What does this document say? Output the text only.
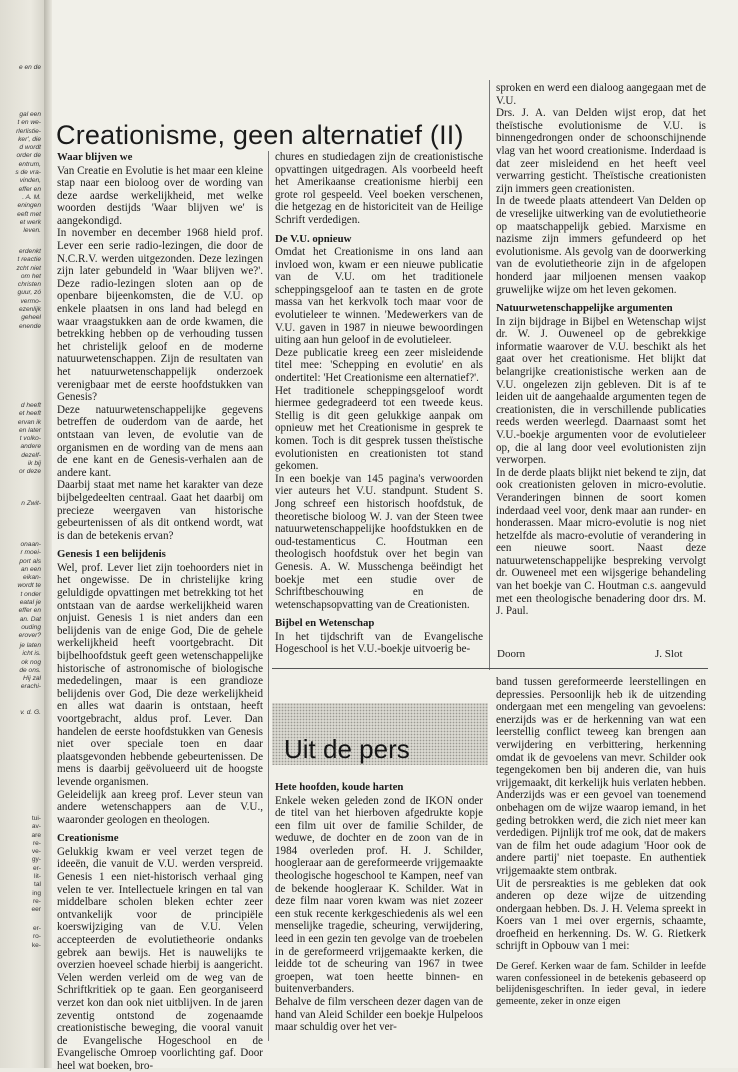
e en de
gal een
t en we-
rlerlistie-
ker', die
d wordt
order de
entrum,
s de vra-
vinden,
effer en
. A. M.
eningen
eeft met
et werk
leven.
erdenkt
t reactie
zcht niet
om het
christen
guur, zó
vermo-
ezenlijk
geheel
enende
d heeft
et heeft
ervan ik
en later
t volko-
andere
dezelf-
ik bij
or deze
n Zwit-
onaan-
r moei-
port als
an een
eikan-
wordt te
t onder
eatal je
effer en
an. Dat
ouding
erover?
je laten
icht is.
ok nog
de ons.
Hij zal
erachi-
v. d. G.
tui-
av-
are
re-
ve-
gy-
er-
lit-
tal
ing
re-
eer
er-
ro-
ke-
Creationisme, geen alternatief (II)
Waar blijven we

Van Creatie en Evolutie is het maar een kleine stap naar een bioloog over de wording van deze aardse werkelijkheid, met welke woorden destijds 'Waar blijven we' is aangekondigd.

In november en december 1968 hield prof. Lever een serie radio-lezingen, die door de N.C.R.V. werden uitgezonden. Deze lezingen zijn later gebundeld in 'Waar blijven we?'. Deze radio-lezingen sloten aan op de openbare bijeenkomsten, die de V.U. op enkele plaatsen in ons land had belegd en waar vraagstukken aan de orde kwamen, die betrekking hebben op de verhouding tussen het christelijk geloof en de moderne natuurwetenschappen. Zijn de resultaten van het natuurwetenschappelijk onderzoek verenigbaar met de eerste hoofdstukken van Genesis?

Deze natuurwetenschappelijke gegevens betreffen de ouderdom van de aarde, het ontstaan van leven, de evolutie van de organismen en de wording van de mens aan de ene kant en de Genesis-verhalen aan de andere kant.

Daarbij staat met name het karakter van deze bijbelgedeelten centraal. Gaat het daarbij om precieze weergaven van historische gebeurtenissen of als dit ontkend wordt, wat is dan de betekenis ervan?

Genesis 1 een belijdenis

Wel, prof. Lever liet zijn toehoorders niet in het ongewisse. De in christelijke kring geluldigde opvattingen met betrekking tot het ontstaan van de aardse werkelijkheid waren onjuist. Genesis 1 is niet anders dan een belijdenis van de enige God, Die de gehele werkelijkheid heeft voortgebracht. Dit bijbelhoofdstuk geeft geen wetenschappelijke historische of astronomische of biologische mededelingen, maar is een grandioze belijdenis over God, Die deze werkelijkheid en alles wat daarin is ontstaan, heeft voortgebracht, aldus prof. Lever. Dan handelen de eerste hoofdstukken van Genesis niet over speciale toen en daar plaatsgevonden hebbende gebeurtenissen. De mens is daarbij geëvolueerd uit de hoogste levende organismen.

Geleidelijk aan kreeg prof. Lever steun van andere wetenschappers aan de V.U., waaronder geologen en theologen.

Creationisme

Gelukkig kwam er veel verzet tegen de ideeën, die vanuit de V.U. werden verspreid. Genesis 1 een niet-historisch verhaal ging velen te ver. Intellectuele kringen en tal van middelbare scholen bleken echter zeer ontvankelijk voor de principiële koerswijziging van de V.U. Velen accepteerden de evolutietheorie ondanks gebrek aan bewijs. Het is nauwelijks te overzien hoeveel schade hierbij is aangericht. Velen werden verleid om de weg van de Schriftkritiek op te gaan. Een georganiseerd verzet kon dan ook niet uitblijven. In de jaren zeventig ontstond de zogenaamde creationistische beweging, die vooral vanuit de Evangelische Hogeschool en de Evangelische Omroep voorlichting gaf. Door heel wat boeken, bro-

chures en studiedagen zijn de creationistische opvattingen uitgedragen. Als voorbeeld heeft het Amerikaanse creationisme hierbij een grote rol gespeeld. Veel boeken verschenen, die hetgezag en de historiciteit van de Heilige Schrift verdedigen.

De V.U. opnieuw

Omdat het Creationisme in ons land aan invloed won, kwam er een nieuwe publicatie van de V.U. om het traditionele scheppingsgeloof aan te tasten en de grote massa van het kerkvolk toch maar voor de evolutieleer te winnen. 'Medewerkers van de V.U. gaven in 1987 in nieuwe bewoordingen uiting aan hun geloof in de evolutieleer.

Deze publicatie kreeg een zeer misleidende titel mee: 'Schepping en evolutie' en als ondertitel: 'Het Creationisme een alternatief?'.

Het traditionele scheppingsgeloof wordt hiermee gedegradeerd tot een tweede keus. Stellig is dit geen gelukkige aanpak om opnieuw met het Creationisme in gesprek te komen. Toch is dit gesprek tussen theïstische evolutionisten en creationisten tot stand gekomen.

In een boekje van 145 pagina's verwoorden vier auteurs het V.U. standpunt. Student S. Jong schreef een historisch hoofdstuk, de theoretische bioloog W. J. van der Steen twee natuurwetenschappelijke hoofdstukken en de oud-testamenticus C. Houtman een theologisch hoofdstuk over het begin van Genesis. A. W. Musschenga beëindigt het boekje met een studie over de Schriftbeschouwing en de wetenschapsopvatting van de Creationisten.

Bijbel en Wetenschap

In het tijdschrift van de Evangelische Hogeschool is het V.U.-boekje uitvoerig be-

sproken en werd een dialoog aangegaan met de V.U.

Drs. J. A. van Delden wijst erop, dat het theïstische evolutionisme de V.U. is binnengedrongen onder de schoonschijnende vlag van het woord creationisme. Inderdaad is dat zeer misleidend en het heeft veel verwarring gesticht. Theïstische creationisten zijn immers geen creationisten.

In de tweede plaats attendeert Van Delden op de vreselijke uitwerking van de evolutietheorie op maatschappelijk gebied. Marxisme en nazisme zijn immers gefundeerd op het evolutionisme. Als gevolg van de doorwerking van de evolutietheorie zijn in de afgelopen honderd jaar miljoenen mensen vaakop gruwelijke wijze om het leven gekomen.

Natuurwetenschappelijke argumenten

In zijn bijdrage in Bijbel en Wetenschap wijst dr. W. J. Ouweneel op de gebrekkige informatie waarover de V.U. beschikt als het gaat over het creationisme. Het blijkt dat belangrijke creationistische werken aan de V.U. ongelezen zijn gebleven. Dit is af te leiden uit de aangehaalde argumenten tegen de creationisten, die in verschillende publicaties reeds werden weerlegd. Daarnaast somt het V.U.-boekje argumenten voor de evolutieleer op, die al lang door veel evolutionisten zijn verworpen.

In de derde plaats blijkt niet bekend te zijn, dat ook creationisten geloven in micro-evolutie. Veranderingen binnen de soort komen inderdaad veel voor, denk maar aan runder- en honderassen. Maar micro-evolutie is nog niet hetzelfde als macro-evolutie of verandering in een nieuwe soort. Naast deze natuurwetenschappelijke bespreking vervolgt dr. Ouweneel met een wijsgerige behandeling van het boekje van C. Houtman c.s. aangevuld met een theologische benadering door drs. M. J. Paul.

Doorn	J. Slot
Uit de pers
Hete hoofden, koude harten

Enkele weken geleden zond de IKON onder de titel van het hierboven afgedrukte kopje een film uit over de familie Schilder, de weduwe, de dochter en de zoon van de in 1984 overleden prof. H. J. Schilder, hoogleraar aan de gereformeerde vrijgemaakte theologische hogeschool te Kampen, neef van de bekende hoogleraar K. Schilder. Wat in deze film naar voren kwam was niet zozeer een stuk recente kerkgeschiedenis als wel een menselijke tragedie, scheuring, verwijdering, leed in een gezin ten gevolge van de troebelen in de gereformeerd vrijgemaakte kerken, die leidde tot de scheuring van 1967 in twee groepen, wat toen heette binnen- en buitenverbanders.

Behalve de film verscheen dezer dagen van de hand van Aleid Schilder een boekje Hulpeloos maar schuldig over het ver-

band tussen gereformeerde leerstellingen en depressies. Persoonlijk heb ik de uitzending ondergaan met een mengeling van gevoelens: enerzijds was er de herkenning van wat een leerstellig conflict teweeg kan brengen aan verwijdering en verbittering, herkenning omdat ik de gevoelens van mevr. Schilder ook tegengekomen ben bij anderen die, van huis vrijgemaakt, dit kerkelijk huis verlaten hebben. Anderzijds was er een gevoel van toenemend onbehagen om de wijze waarop iemand, in het geding betrokken werd, die zich niet meer kan verdedigen. Pijnlijk trof me ook, dat de makers van de film het oude adagium 'Hoor ook de andere partij' niet toepaste. En authentiek vrijgemaakte stem ontbrak.

Uit de persreakties is me gebleken dat ook anderen op deze wijze de uitzending ondergaan hebben. Ds. J. H. Velema spreekt in Koers van 1 mei over ergernis, schaamte, droefheid en herkenning. Ds. W. G. Rietkerk schrijft in Opbouw van 1 mei:

De Geref. Kerken waar de fam. Schilder in leefde waren confessioneel in de betekenis gebaseerd op belijdenisgeschriften. In ieder geval, in iedere gemeente, zeker in onze eigen
